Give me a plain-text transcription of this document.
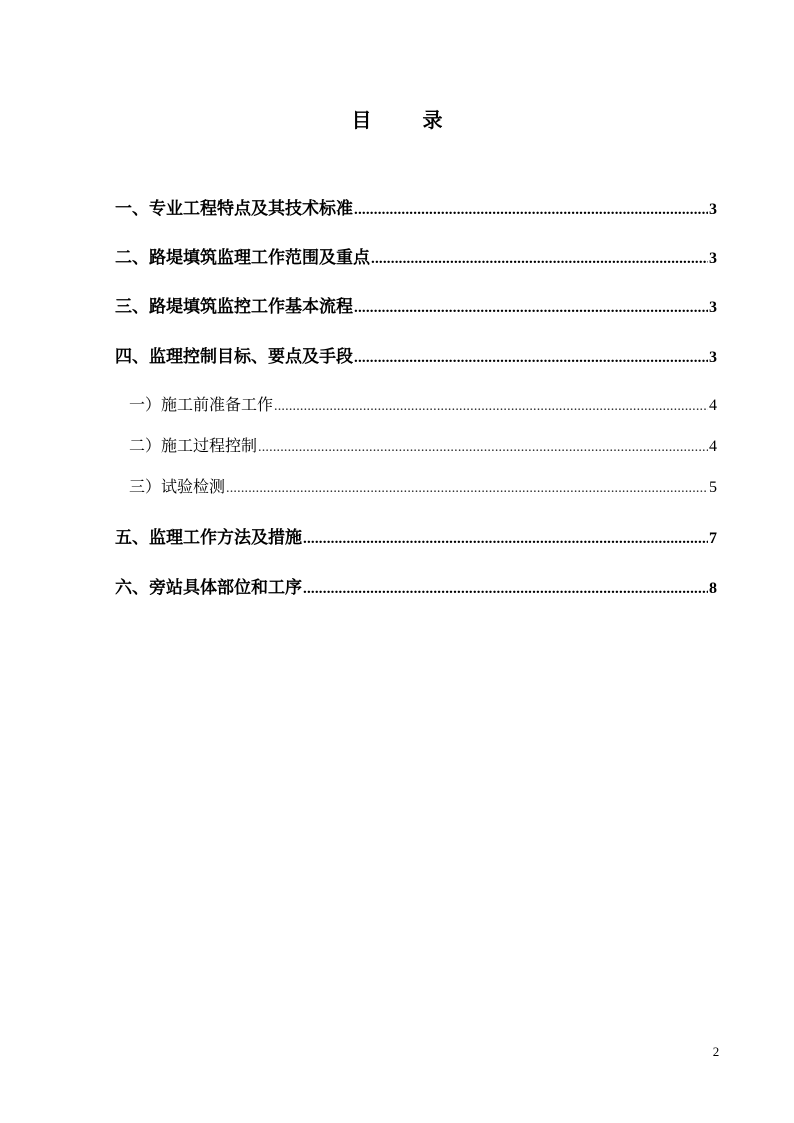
目 录
一、专业工程特点及其技术标准 .....	3
二、路堤填筑监理工作范围及重点 .....	3
三、路堤填筑监控工作基本流程 .....	3
四、监理控制目标、要点及手段 .....	3
一）施工前准备工作 .....	4
二）施工过程控制 .....	4
三）试验检测 .....	5
五、监理工作方法及措施 .....	7
六、旁站具体部位和工序 .....	8
2
